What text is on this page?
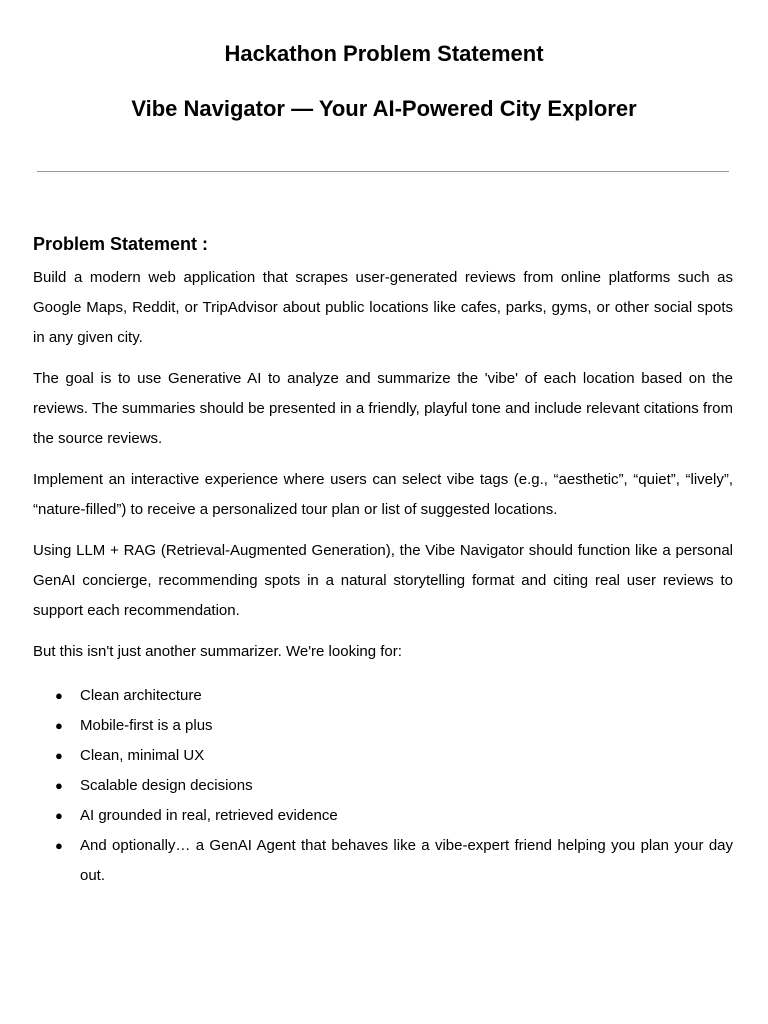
Hackathon Problem Statement
Vibe Navigator — Your AI-Powered City Explorer
Problem Statement :

Build a modern web application that scrapes user-generated reviews from online platforms such as Google Maps, Reddit, or TripAdvisor about public locations like cafes, parks, gyms, or other social spots in any given city.

The goal is to use Generative AI to analyze and summarize the 'vibe' of each location based on the reviews. The summaries should be presented in a friendly, playful tone and include relevant citations from the source reviews.

Implement an interactive experience where users can select vibe tags (e.g., “aesthetic”, “quiet”, “lively”, “nature-filled”) to receive a personalized tour plan or list of suggested locations.

Using LLM + RAG (Retrieval-Augmented Generation), the Vibe Navigator should function like a personal GenAI concierge, recommending spots in a natural storytelling format and citing real user reviews to support each recommendation.

But this isn't just another summarizer. We're looking for:

● Clean architecture
● Mobile-first is a plus
● Clean, minimal UX
● Scalable design decisions
● AI grounded in real, retrieved evidence
● And optionally… a GenAI Agent that behaves like a vibe-expert friend helping you plan your day out.
